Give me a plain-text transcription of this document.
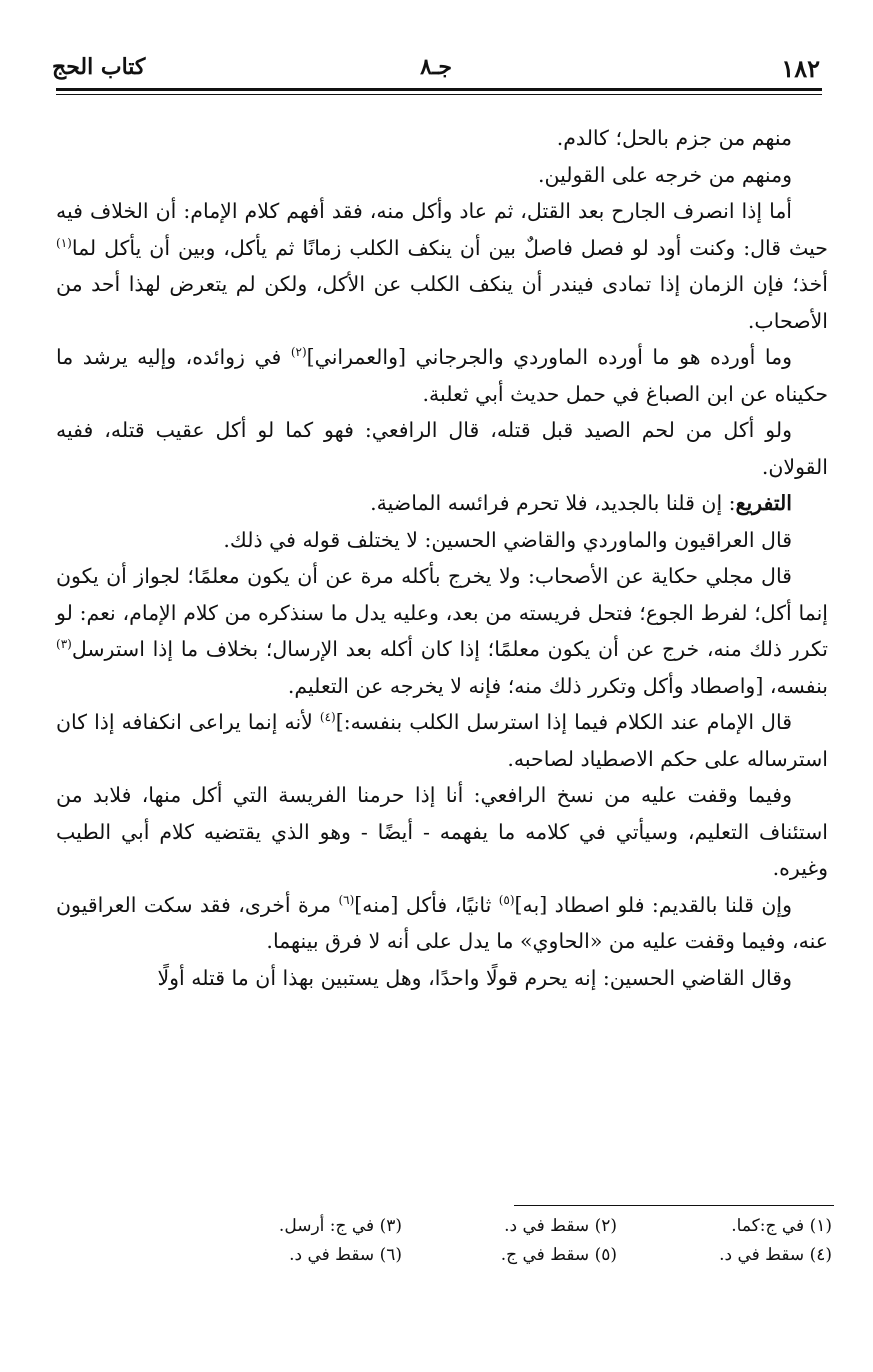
١٨٢
جـ٨
كتاب الحج

منهم من جزم بالحل؛ كالدم.

ومنهم من خرجه على القولين.

أما إذا انصرف الجارح بعد القتل، ثم عاد وأكل منه، فقد أفهم كلام الإمام: أن الخلاف فيه حيث قال: وكنت أود لو فصل فاصلٌ بين أن ينكف الكلب زمانًا ثم يأكل، وبين أن يأكل لما$^{(١)}$ أخذ؛ فإن الزمان إذا تمادى فيندر أن ينكف الكلب عن الأكل، ولكن لم يتعرض لهذا أحد من الأصحاب.

وما أورده هو ما أورده الماوردي والجرجاني [والعمراني]$^{(٢)}$ في زوائده، وإليه يرشد ما حكيناه عن ابن الصباغ في حمل حديث أبي ثعلبة.

ولو أكل من لحم الصيد قبل قتله، قال الرافعي: فهو كما لو أكل عقيب قتله، ففيه القولان.

التفريع: إن قلنا بالجديد، فلا تحرم فرائسه الماضية.

قال العراقيون والماوردي والقاضي الحسين: لا يختلف قوله في ذلك.

قال مجلي حكاية عن الأصحاب: ولا يخرج بأكله مرة عن أن يكون معلمًا؛ لجواز أن يكون إنما أكل؛ لفرط الجوع؛ فتحل فريسته من بعد، وعليه يدل ما سنذكره من كلام الإمام، نعم: لو تكرر ذلك منه، خرج عن أن يكون معلمًا؛ إذا كان أكله بعد الإرسال؛ بخلاف ما إذا استرسل$^{(٣)}$ بنفسه، [واصطاد وأكل وتكرر ذلك منه؛ فإنه لا يخرجه عن التعليم.

قال الإمام عند الكلام فيما إذا استرسل الكلب بنفسه:]$^{(٤)}$ لأنه إنما يراعى انكفافه إذا كان استرساله على حكم الاصطياد لصاحبه.

وفيما وقفت عليه من نسخ الرافعي: أنا إذا حرمنا الفريسة التي أكل منها، فلابد من استئناف التعليم، وسيأتي في كلامه ما يفهمه - أيضًا - وهو الذي يقتضيه كلام أبي الطيب وغيره.

وإن قلنا بالقديم: فلو اصطاد [به]$^{(٥)}$ ثانيًا، فأكل [منه]$^{(٦)}$ مرة أخرى، فقد سكت العراقيون عنه، وفيما وقفت عليه من «الحاوي» ما يدل على أنه لا فرق بينهما.

وقال القاضي الحسين: إنه يحرم قولًا واحدًا، وهل يستبين بهذا أن ما قتله أولًا

(١) في ج:كما.
(٢) سقط في د.
(٣) في ج: أرسل.
(٤) سقط في د.
(٥) سقط في ج.
(٦) سقط في د.
